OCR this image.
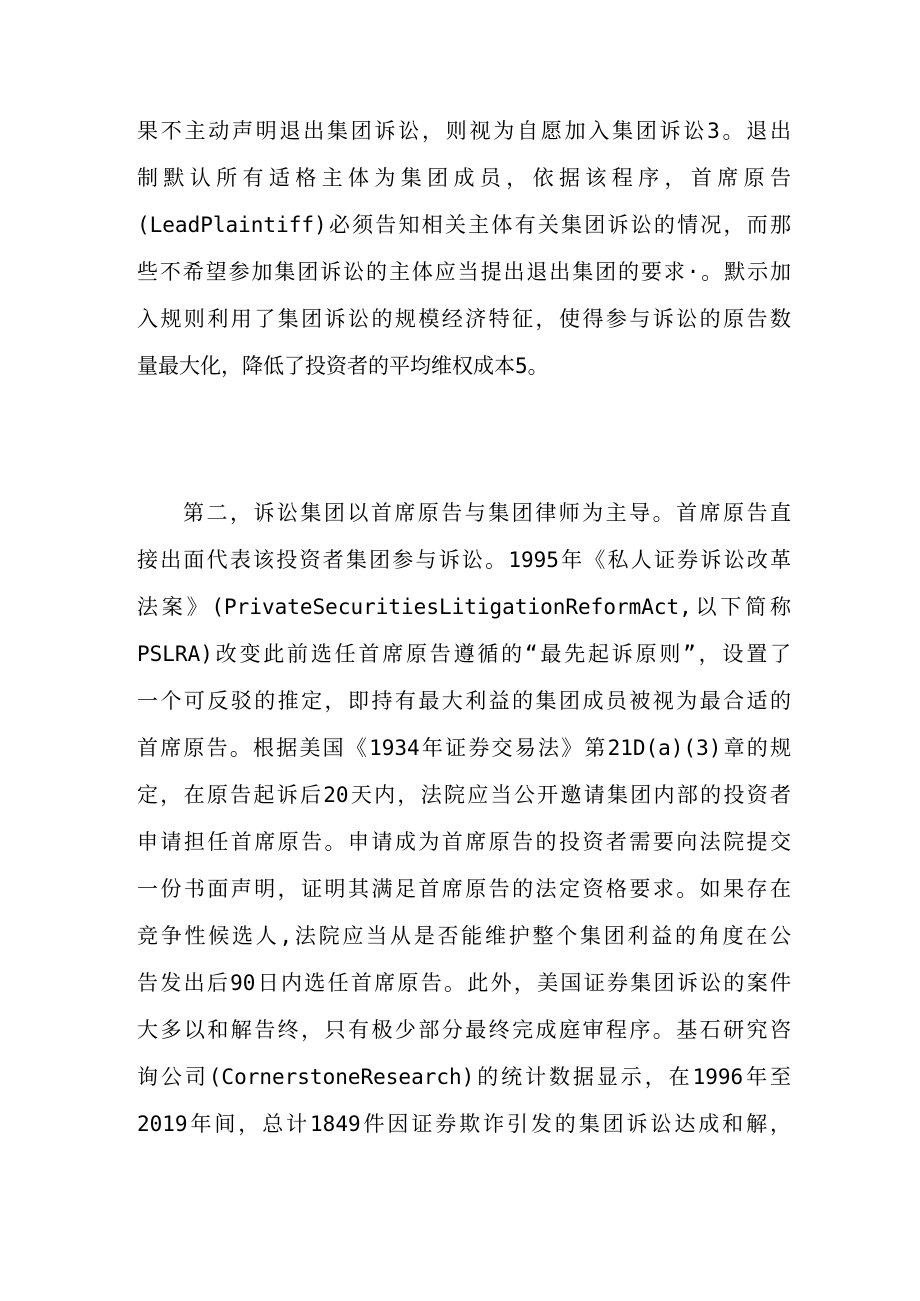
果不主动声明退出集团诉讼，则视为自愿加入集团诉讼3。退出
制默认所有适格主体为集团成员，依据该程序，首席原告
(LeadPlaintiff)必须告知相关主体有关集团诉讼的情况，而那
些不希望参加集团诉讼的主体应当提出退出集团的要求·。默示加
入规则利用了集团诉讼的规模经济特征，使得参与诉讼的原告数
量最大化，降低了投资者的平均维权成本5。
第二，诉讼集团以首席原告与集团律师为主导。首席原告直
接出面代表该投资者集团参与诉讼。1995年《私人证券诉讼改革
法案》(PrivateSecuritiesLitigationReformAct,以下简称
PSLRA)改变此前选任首席原告遵循的“最先起诉原则”，设置了
一个可反驳的推定，即持有最大利益的集团成员被视为最合适的
首席原告。根据美国《1934年证券交易法》第21D(a)(3)章的规
定，在原告起诉后20天内，法院应当公开邀请集团内部的投资者
申请担任首席原告。申请成为首席原告的投资者需要向法院提交
一份书面声明，证明其满足首席原告的法定资格要求。如果存在
竞争性候选人,法院应当从是否能维护整个集团利益的角度在公
告发出后90日内选任首席原告。此外，美国证券集团诉讼的案件
大多以和解告终，只有极少部分最终完成庭审程序。基石研究咨
询公司(CornerstoneResearch)的统计数据显示，在1996年至
2019年间，总计1849件因证券欺诈引发的集团诉讼达成和解，
